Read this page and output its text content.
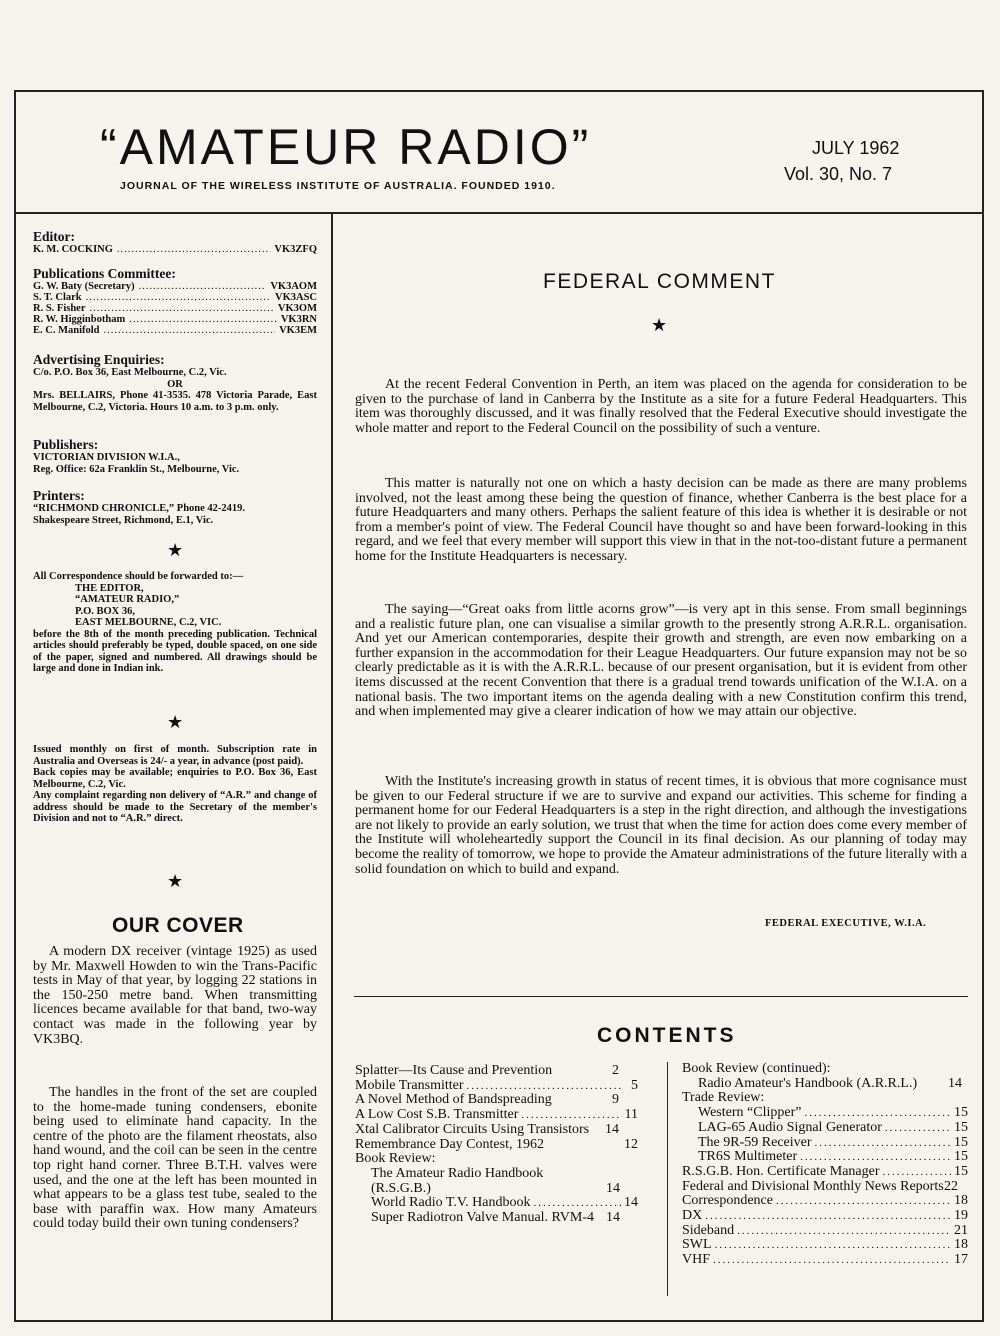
“AMATEUR RADIO”
JOURNAL OF THE WIRELESS INSTITUTE OF AUSTRALIA. FOUNDED 1910.
JULY 1962
Vol. 30, No. 7
Editor:
K. M. COCKING .....	VK3ZFQ
Publications Committee:
G. W. Baty (Secretary) .....	VK3AOM
S. T. Clark .....	VK3ASC
R. S. Fisher .....	VK3OM
R. W. Higginbotham .....	VK3RN
E. C. Manifold .....	VK3EM
Advertising Enquiries:
C/o. P.O. Box 36, East Melbourne, C.2, Vic.
OR
Mrs. BELLAIRS, Phone 41-3535. 478 Victoria Parade, East Melbourne, C.2, Victoria. Hours 10 a.m. to 3 p.m. only.
Publishers:
VICTORIAN DIVISION W.I.A.,
Reg. Office: 62a Franklin St., Melbourne, Vic.
Printers:
“RICHMOND CHRONICLE,” Phone 42-2419.
Shakespeare Street, Richmond, E.1, Vic.
★
All Correspondence should be forwarded to:—
THE EDITOR,
“AMATEUR RADIO,”
P.O. BOX 36,
EAST MELBOURNE, C.2, VIC.
before the 8th of the month preceding publication. Technical articles should preferably be typed, double spaced, on one side of the paper, signed and numbered. All drawings should be large and done in Indian ink.
★
Issued monthly on first of month. Subscription rate in Australia and Overseas is 24/- a year, in advance (post paid).
Back copies may be available; enquiries to P.O. Box 36, East Melbourne, C.2, Vic.
Any complaint regarding non delivery of “A.R.” and change of address should be made to the Secretary of the member's Division and not to “A.R.” direct.
★
OUR COVER
A modern DX receiver (vintage 1925) as used by Mr. Maxwell Howden to win the Trans-Pacific tests in May of that year, by logging 22 stations in the 150-250 metre band. When transmitting licences became available for that band, two-way contact was made in the following year by VK3BQ.
The handles in the front of the set are coupled to the home-made tuning condensers, ebonite being used to eliminate hand capacity. In the centre of the photo are the filament rheostats, also hand wound, and the coil can be seen in the centre top right hand corner. Three B.T.H. valves were used, and the one at the left has been mounted in what appears to be a glass test tube, sealed to the base with paraffin wax. How many Amateurs could today build their own tuning condensers?
FEDERAL COMMENT
★
At the recent Federal Convention in Perth, an item was placed on the agenda for consideration to be given to the purchase of land in Canberra by the Institute as a site for a future Federal Headquarters. This item was thoroughly discussed, and it was finally resolved that the Federal Executive should investigate the whole matter and report to the Federal Council on the possibility of such a venture.
This matter is naturally not one on which a hasty decision can be made as there are many problems involved, not the least among these being the question of finance, whether Canberra is the best place for a future Headquarters and many others. Perhaps the salient feature of this idea is whether it is desirable or not from a member's point of view. The Federal Council have thought so and have been forward-looking in this regard, and we feel that every member will support this view in that in the not-too-distant future a permanent home for the Institute Headquarters is necessary.
The saying—“Great oaks from little acorns grow”—is very apt in this sense. From small beginnings and a realistic future plan, one can visualise a similar growth to the presently strong A.R.R.L. organisation. And yet our American contemporaries, despite their growth and strength, are even now embarking on a further expansion in the accommodation for their League Headquarters. Our future expansion may not be so clearly predictable as it is with the A.R.R.L. because of our present organisation, but it is evident from other items discussed at the recent Convention that there is a gradual trend towards unification of the W.I.A. on a national basis. The two important items on the agenda dealing with a new Constitution confirm this trend, and when implemented may give a clearer indication of how we may attain our objective.
With the Institute's increasing growth in status of recent times, it is obvious that more cognisance must be given to our Federal structure if we are to survive and expand our activities. This scheme for finding a permanent home for our Federal Headquarters is a step in the right direction, and although the investigations are not likely to provide an early solution, we trust that when the time for action does come every member of the Institute will wholeheartedly support the Council in its final decision. As our planning of today may become the reality of tomorrow, we hope to provide the Amateur administrations of the future literally with a solid foundation on which to build and expand.
FEDERAL EXECUTIVE, W.I.A.
CONTENTS
Splatter—Its Cause and Prevention	2
Mobile Transmitter .....	5
A Novel Method of Bandspreading	9
A Low Cost S.B. Transmitter .....	11
Xtal Calibrator Circuits Using Transistors	14
Remembrance Day Contest, 1962	12
Book Review:
The Amateur Radio Handbook (R.S.G.B.)	14
World Radio T.V. Handbook .....	14
Super Radiotron Valve Manual. RVM-4 14
Book Review (continued):
Radio Amateur's Handbook (A.R.R.L.)	14
Trade Review:
Western “Clipper” .....	15
LAG-65 Audio Signal Generator .....	15
The 9R-59 Receiver .....	15
TR6S Multimeter .....	15
R.S.G.B. Hon. Certificate Manager .....	15
Federal and Divisional Monthly News Reports 22
Correspondence .....	18
DX .....	19
Sideband .....	21
SWL .....	18
VHF .....	17
